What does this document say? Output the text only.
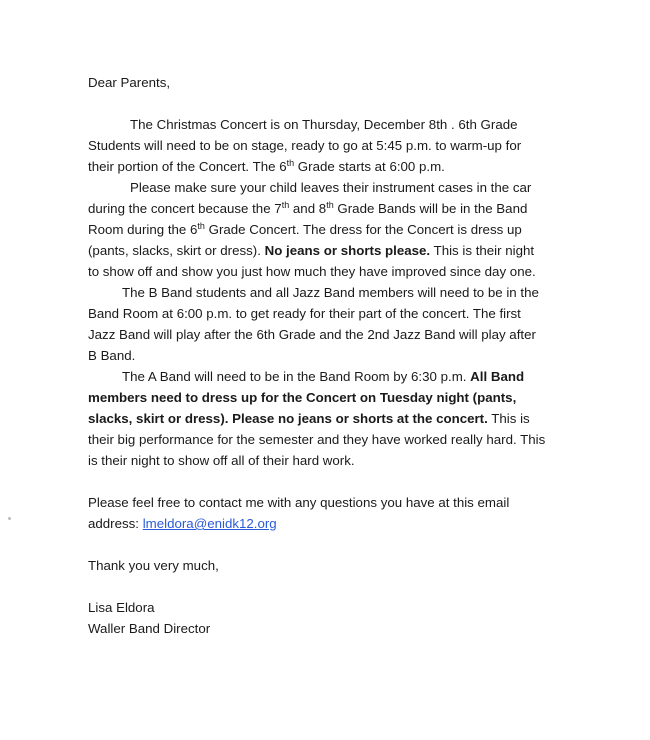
Dear Parents,

The Christmas Concert is on Thursday, December 8th . 6th Grade Students will need to be on stage, ready to go at 5:45 p.m. to warm-up for their portion of the Concert. The 6th Grade starts at 6:00 p.m.

Please make sure your child leaves their instrument cases in the car during the concert because the 7th and 8th Grade Bands will be in the Band Room during the 6th Grade Concert. The dress for the Concert is dress up (pants, slacks, skirt or dress). No jeans or shorts please. This is their night to show off and show you just how much they have improved since day one.

The B Band students and all Jazz Band members will need to be in the Band Room at 6:00 p.m. to get ready for their part of the concert. The first Jazz Band will play after the 6th Grade and the 2nd Jazz Band will play after B Band.

The A Band will need to be in the Band Room by 6:30 p.m. All Band members need to dress up for the Concert on Tuesday night (pants, slacks, skirt or dress). Please no jeans or shorts at the concert. This is their big performance for the semester and they have worked really hard. This is their night to show off all of their hard work.

Please feel free to contact me with any questions you have at this email address: lmeldora@enidk12.org

Thank you very much,

Lisa Eldora
Waller Band Director
